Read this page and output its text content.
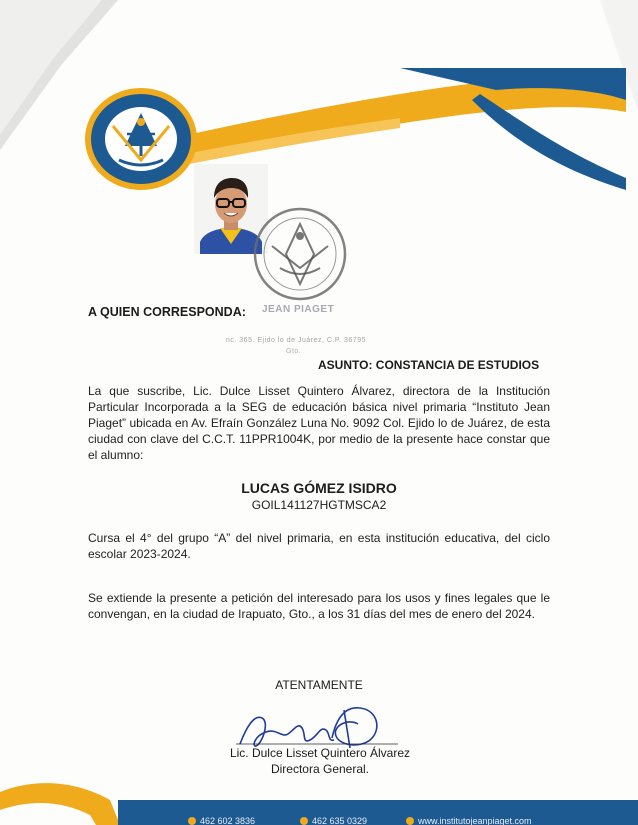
JEAN PIAGET
nc. 365. Ejido lo de Juárez, C.P. 36795
Gto.
A QUIEN CORRESPONDA:
ASUNTO: CONSTANCIA DE ESTUDIOS
La que suscribe, Lic. Dulce Lisset Quintero Álvarez, directora de la Institución Particular Incorporada a la SEG de educación básica nivel primaria “Instituto Jean Piaget” ubicada en Av. Efraín González Luna No. 9092 Col. Ejido lo de Juárez, de esta ciudad con clave del C.C.T. 11PPR1004K, por medio de la presente hace constar que el alumno:
LUCAS GÓMEZ ISIDRO
GOIL141127HGTMSCA2
Cursa el 4° del grupo “A” del nivel primaria, en esta institución educativa, del ciclo escolar 2023-2024.
Se extiende la presente a petición del interesado para los usos y fines legales que le convengan, en la ciudad de Irapuato, Gto., a los 31 días del mes de enero del 2024.
ATENTAMENTE
Lic. Dulce Lisset Quintero Álvarez
Directora General.
462 602 3836	462 635 0329	www.institutojeanpiaget.com
